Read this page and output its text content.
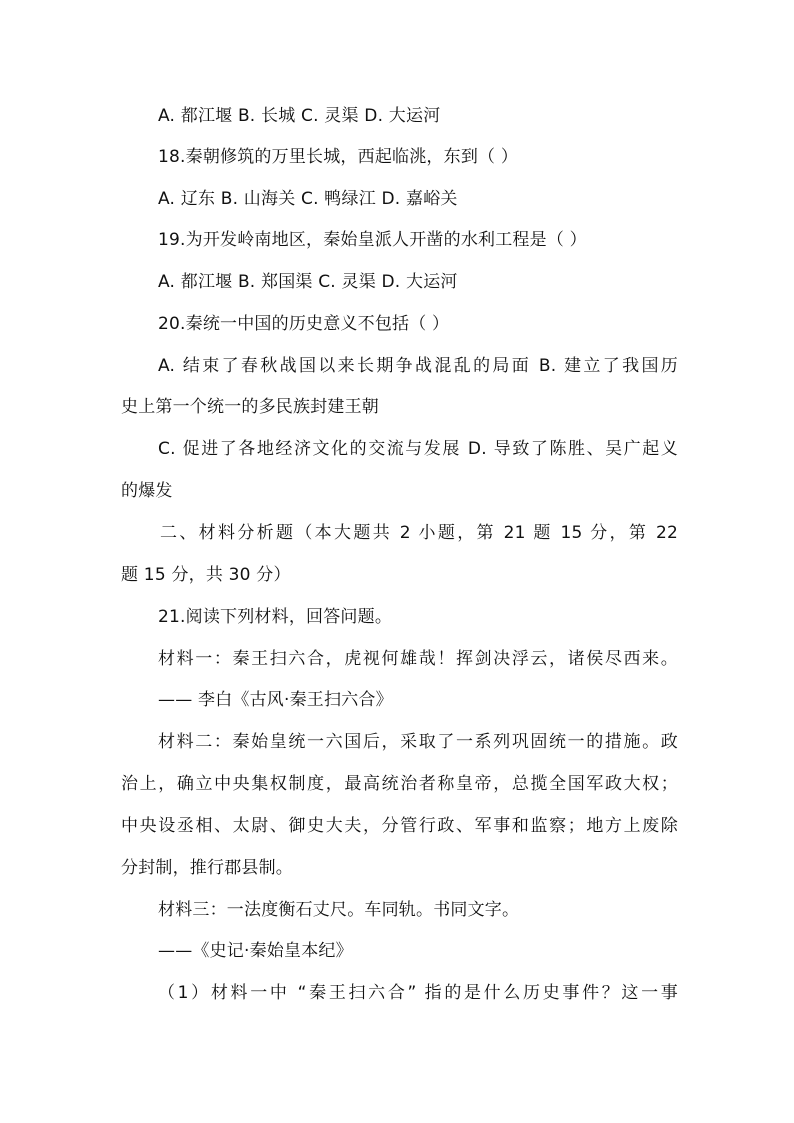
A. 都江堰 B. 长城 C. 灵渠 D. 大运河
18.秦朝修筑的万里长城，西起临洮，东到（ ）
A. 辽东 B. 山海关 C. 鸭绿江 D. 嘉峪关
19.为开发岭南地区，秦始皇派人开凿的水利工程是（ ）
A. 都江堰 B. 郑国渠 C. 灵渠 D. 大运河
20.秦统一中国的历史意义不包括（ ）
A. 结束了春秋战国以来长期争战混乱的局面 B. 建立了我国历
史上第一个统一的多民族封建王朝
C. 促进了各地经济文化的交流与发展 D. 导致了陈胜、吴广起义
的爆发
二、材料分析题（本大题共 2 小题，第 21 题 15 分，第 22
题 15 分，共 30 分）
21.阅读下列材料，回答问题。
材料一：秦王扫六合，虎视何雄哉！挥剑决浮云，诸侯尽西来。
—— 李白《古风·秦王扫六合》
材料二：秦始皇统一六国后，采取了一系列巩固统一的措施。政
治上，确立中央集权制度，最高统治者称皇帝，总揽全国军政大权；
中央设丞相、太尉、御史大夫，分管行政、军事和监察；地方上废除
分封制，推行郡县制。
材料三：一法度衡石丈尺。车同轨。书同文字。
——《史记·秦始皇本纪》
（1）材料一中 “秦王扫六合” 指的是什么历史事件？这一事
